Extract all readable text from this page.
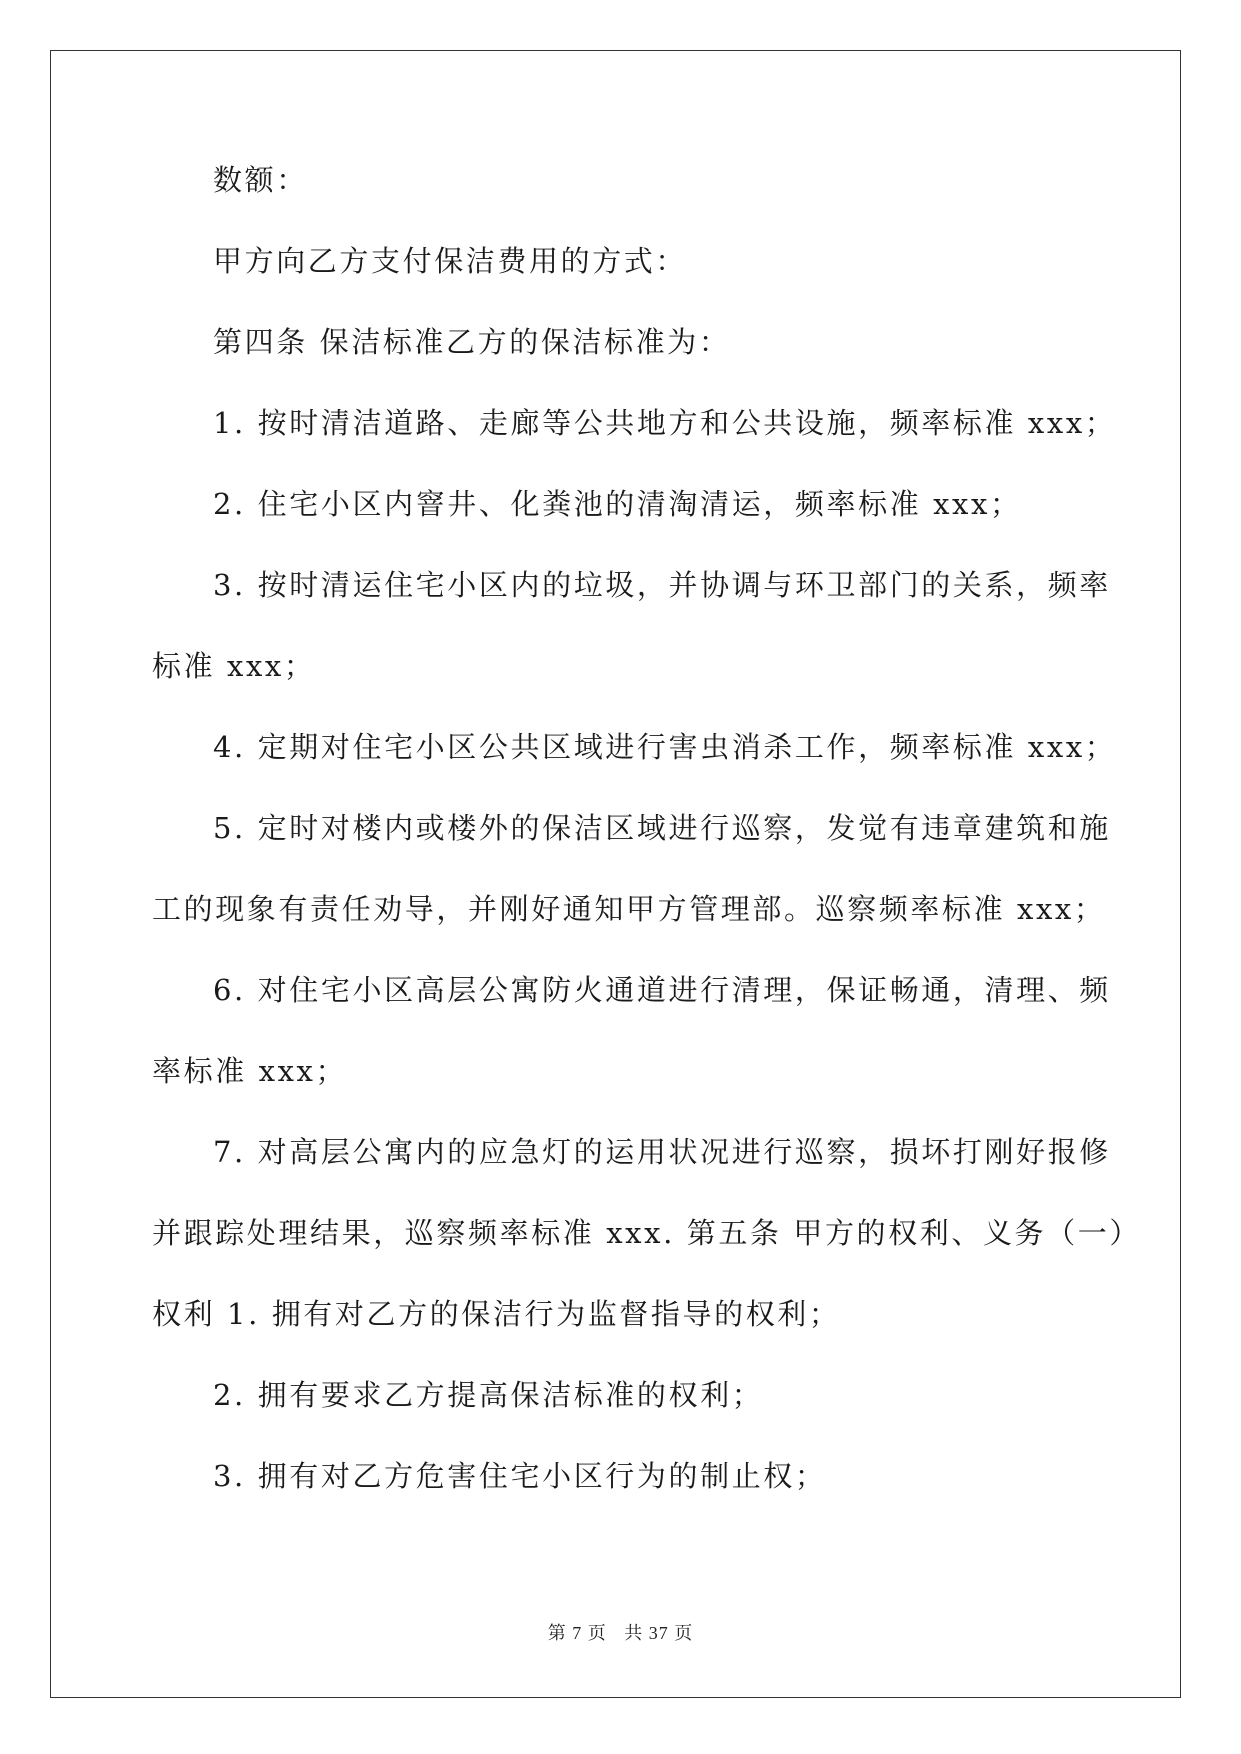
数额：
甲方向乙方支付保洁费用的方式：
第四条 保洁标准乙方的保洁标准为：
1. 按时清洁道路、走廊等公共地方和公共设施，频率标准 xxx；
2. 住宅小区内窨井、化粪池的清淘清运，频率标准 xxx；
3. 按时清运住宅小区内的垃圾，并协调与环卫部门的关系，频率
标准 xxx；
4. 定期对住宅小区公共区域进行害虫消杀工作，频率标准 xxx；
5. 定时对楼内或楼外的保洁区域进行巡察，发觉有违章建筑和施
工的现象有责任劝导，并刚好通知甲方管理部。巡察频率标准 xxx；
6. 对住宅小区高层公寓防火通道进行清理，保证畅通，清理、频
率标准 xxx；
7. 对高层公寓内的应急灯的运用状况进行巡察，损坏打刚好报修
并跟踪处理结果，巡察频率标准 xxx. 第五条 甲方的权利、义务（一）
权利 1. 拥有对乙方的保洁行为监督指导的权利；
2. 拥有要求乙方提高保洁标准的权利；
3. 拥有对乙方危害住宅小区行为的制止权；
第 7 页 共 37 页
